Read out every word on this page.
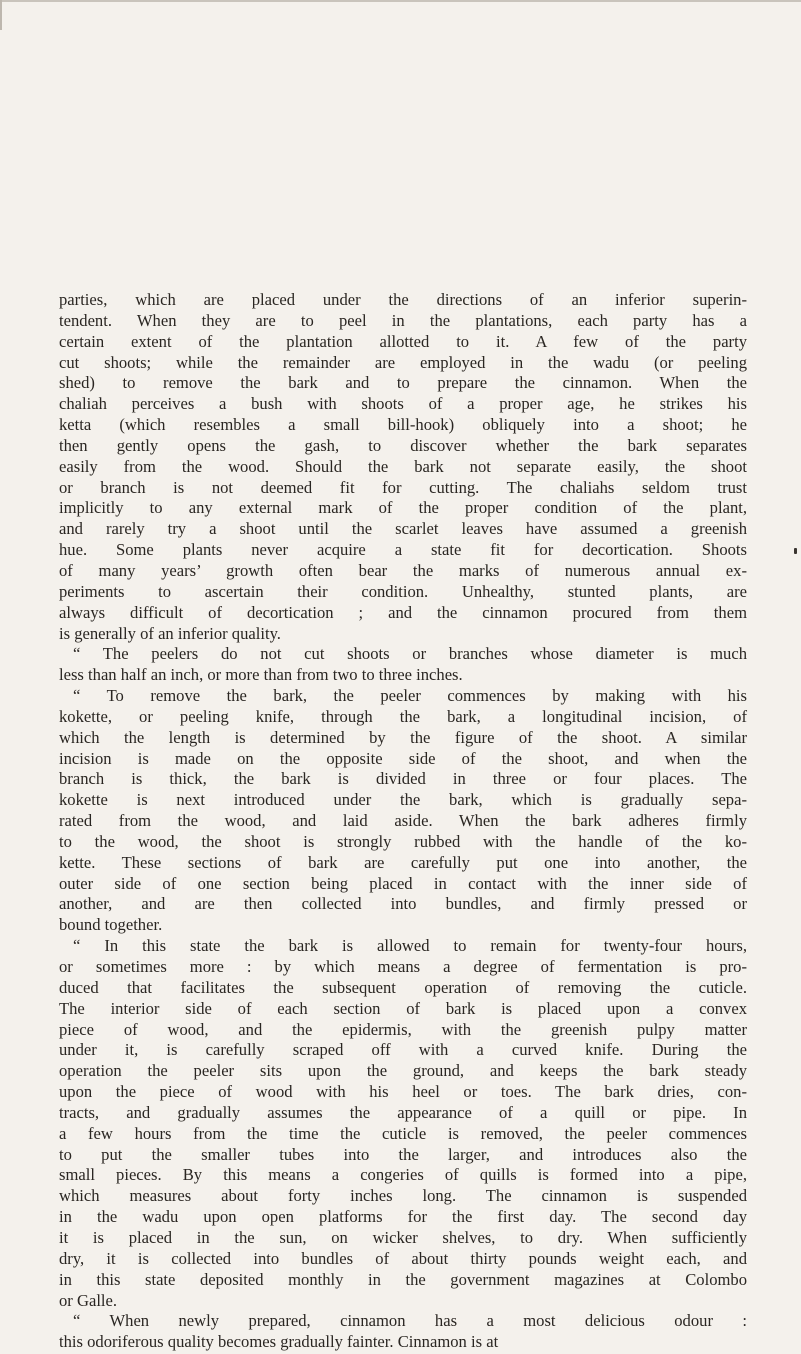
parties, which are placed under the directions of an inferior superin-
tendent. When they are to peel in the plantations, each party has a
certain extent of the plantation allotted to it. A few of the party
cut shoots; while the remainder are employed in the wadu (or peeling
shed) to remove the bark and to prepare the cinnamon. When the
chaliah perceives a bush with shoots of a proper age, he strikes his
ketta (which resembles a small bill-hook) obliquely into a shoot; he
then gently opens the gash, to discover whether the bark separates
easily from the wood. Should the bark not separate easily, the shoot
or branch is not deemed fit for cutting. The chaliahs seldom trust
implicitly to any external mark of the proper condition of the plant,
and rarely try a shoot until the scarlet leaves have assumed a greenish
hue. Some plants never acquire a state fit for decortication. Shoots
of many years’ growth often bear the marks of numerous annual ex-
periments to ascertain their condition. Unhealthy, stunted plants, are
always difficult of decortication ; and the cinnamon procured from them
is generally of an inferior quality.

“ The peelers do not cut shoots or branches whose diameter is much
less than half an inch, or more than from two to three inches.

“ To remove the bark, the peeler commences by making with his
kokette, or peeling knife, through the bark, a longitudinal incision, of
which the length is determined by the figure of the shoot. A similar
incision is made on the opposite side of the shoot, and when the
branch is thick, the bark is divided in three or four places. The
kokette is next introduced under the bark, which is gradually sepa-
rated from the wood, and laid aside. When the bark adheres firmly
to the wood, the shoot is strongly rubbed with the handle of the ko-
kette. These sections of bark are carefully put one into another, the
outer side of one section being placed in contact with the inner side of
another, and are then collected into bundles, and firmly pressed or
bound together.

“ In this state the bark is allowed to remain for twenty-four hours,
or sometimes more : by which means a degree of fermentation is pro-
duced that facilitates the subsequent operation of removing the cuticle.
The interior side of each section of bark is placed upon a convex
piece of wood, and the epidermis, with the greenish pulpy matter
under it, is carefully scraped off with a curved knife. During the
operation the peeler sits upon the ground, and keeps the bark steady
upon the piece of wood with his heel or toes. The bark dries, con-
tracts, and gradually assumes the appearance of a quill or pipe. In
a few hours from the time the cuticle is removed, the peeler commences
to put the smaller tubes into the larger, and introduces also the
small pieces. By this means a congeries of quills is formed into a pipe,
which measures about forty inches long. The cinnamon is suspended
in the wadu upon open platforms for the first day. The second day
it is placed in the sun, on wicker shelves, to dry. When sufficiently
dry, it is collected into bundles of about thirty pounds weight each, and
in this state deposited monthly in the government magazines at Colombo
or Galle.

“ When newly prepared, cinnamon has a most delicious odour :
this odoriferous quality becomes gradually fainter. Cinnamon is at
